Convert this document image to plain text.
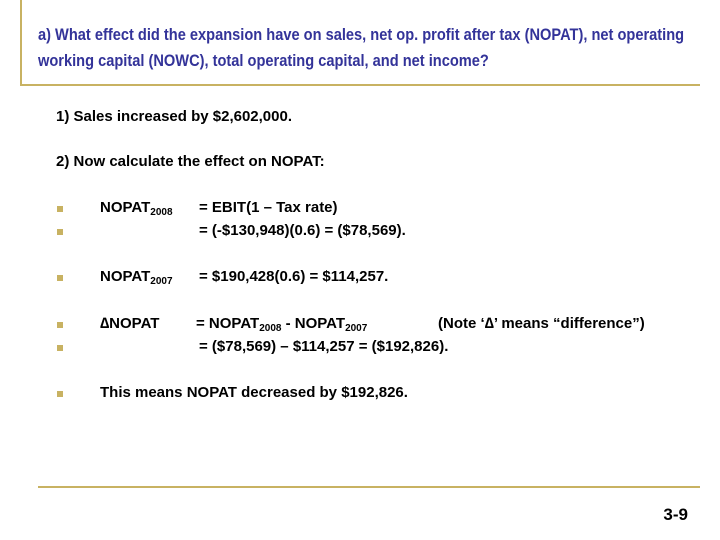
a) What effect did the expansion have on sales, net op. profit after tax (NOPAT), net operating working capital (NOWC), total operating capital, and net income?
1) Sales increased by $2,602,000.
2) Now calculate the effect on NOPAT:
$NOPAT_{2008}$ = EBIT(1 – Tax rate)
= (-$130,948)(0.6) = ($78,569).
$NOPAT_{2007}$ = $190,428(0.6) = $114,257.
∆NOPAT = $NOPAT_{2008}$ - $NOPAT_{2007}$	(Note ‘∆’ means “difference”)
= ($78,569) – $114,257 = ($192,826).
This means NOPAT decreased by $192,826.
3-9
